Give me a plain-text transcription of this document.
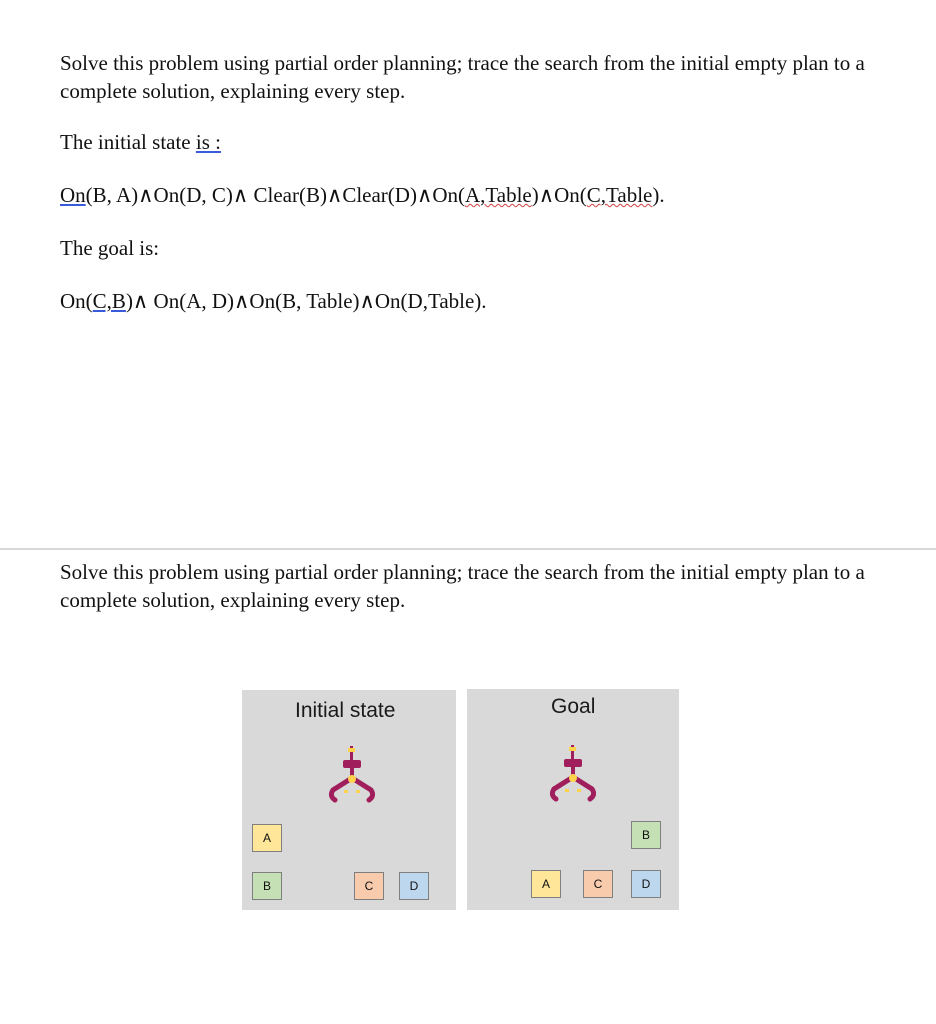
Solve this problem using partial order planning; trace the search from the initial empty plan to a complete solution, explaining every step.

The initial state is :

On(B, A)∧On(D, C)∧ Clear(B)∧Clear(D)∧On(A,Table)∧On(C,Table).

The goal is:

On(C,B)∧ On(A, D)∧On(B, Table)∧On(D,Table).

Solve this problem using partial order planning; trace the search from the initial empty plan to a complete solution, explaining every step.

Initial state
A
B	C	D
Goal
B
A	C	D
